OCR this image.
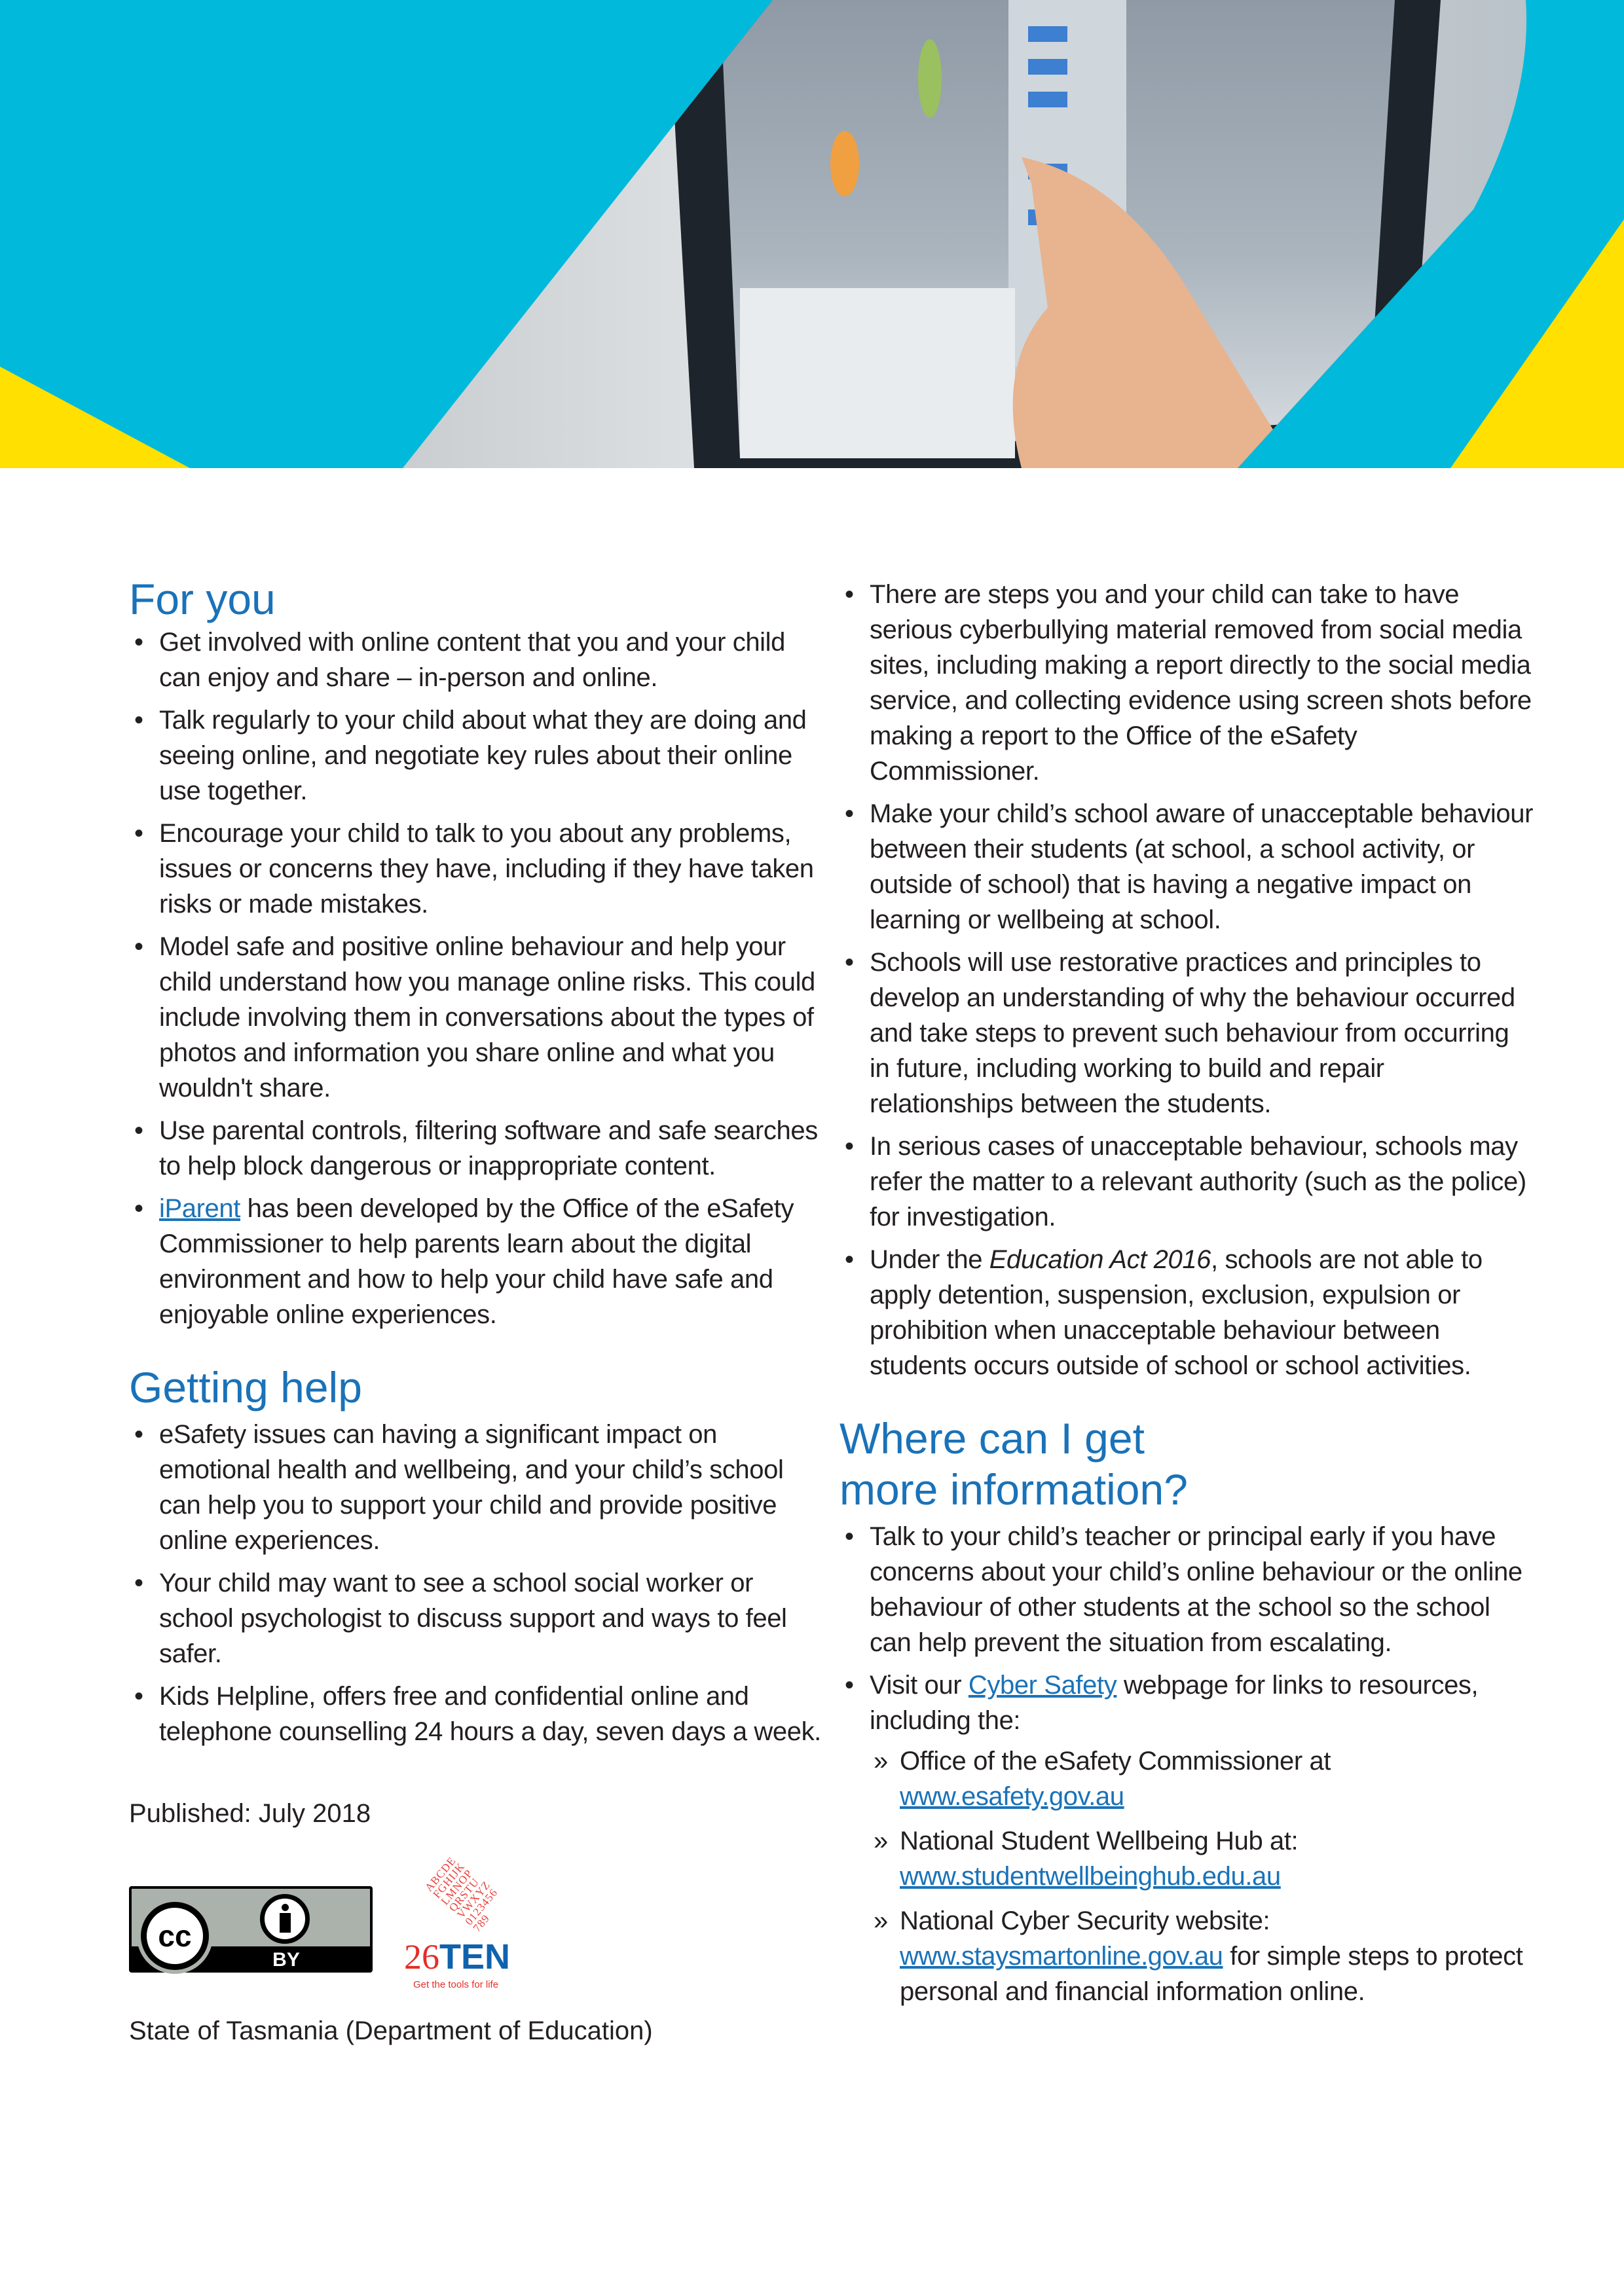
For you
• Get involved with online content that you and your child can enjoy and share – in-person and online.
• Talk regularly to your child about what they are doing and seeing online, and negotiate key rules about their online use together.
• Encourage your child to talk to you about any problems, issues or concerns they have, including if they have taken risks or made mistakes.
• Model safe and positive online behaviour and help your child understand how you manage online risks. This could include involving them in conversations about the types of photos and information you share online and what you wouldn't share.
• Use parental controls, filtering software and safe searches to help block dangerous or inappropriate content.
• iParent has been developed by the Office of the eSafety Commissioner to help parents learn about the digital environment and how to help your child have safe and enjoyable online experiences.
Getting help
• eSafety issues can having a significant impact on emotional health and wellbeing, and your child’s school can help you to support your child and provide positive online experiences.
• Your child may want to see a school social worker or school psychologist to discuss support and ways to feel safer.
• Kids Helpline, offers free and confidential online and telephone counselling 24 hours a day, seven days a week.
Published: July 2018
cc
BY
ABCDEFGHIJKLMNOPQRSTUVWXYZ0123456789
26TEN
Get the tools for life
State of Tasmania (Department of Education)
• There are steps you and your child can take to have serious cyberbullying material removed from social media sites, including making a report directly to the social media service, and collecting evidence using screen shots before making a report to the Office of the eSafety Commissioner.
• Make your child’s school aware of unacceptable behaviour between their students (at school, a school activity, or outside of school) that is having a negative impact on learning or wellbeing at school.
• Schools will use restorative practices and principles to develop an understanding of why the behaviour occurred and take steps to prevent such behaviour from occurring in future, including working to build and repair relationships between the students.
• In serious cases of unacceptable behaviour, schools may refer the matter to a relevant authority (such as the police) for investigation.
• Under the Education Act 2016, schools are not able to apply detention, suspension, exclusion, expulsion or prohibition when unacceptable behaviour between students occurs outside of school or school activities.
Where can I get
more information?
• Talk to your child’s teacher or principal early if you have concerns about your child’s online behaviour or the online behaviour of other students at the school so the school can help prevent the situation from escalating.
• Visit our Cyber Safety webpage for links to resources, including the:
» Office of the eSafety Commissioner at
www.esafety.gov.au
» National Student Wellbeing Hub at:
www.studentwellbeinghub.edu.au
» National Cyber Security website:
www.staysmartonline.gov.au for simple steps to protect personal and financial information online.
